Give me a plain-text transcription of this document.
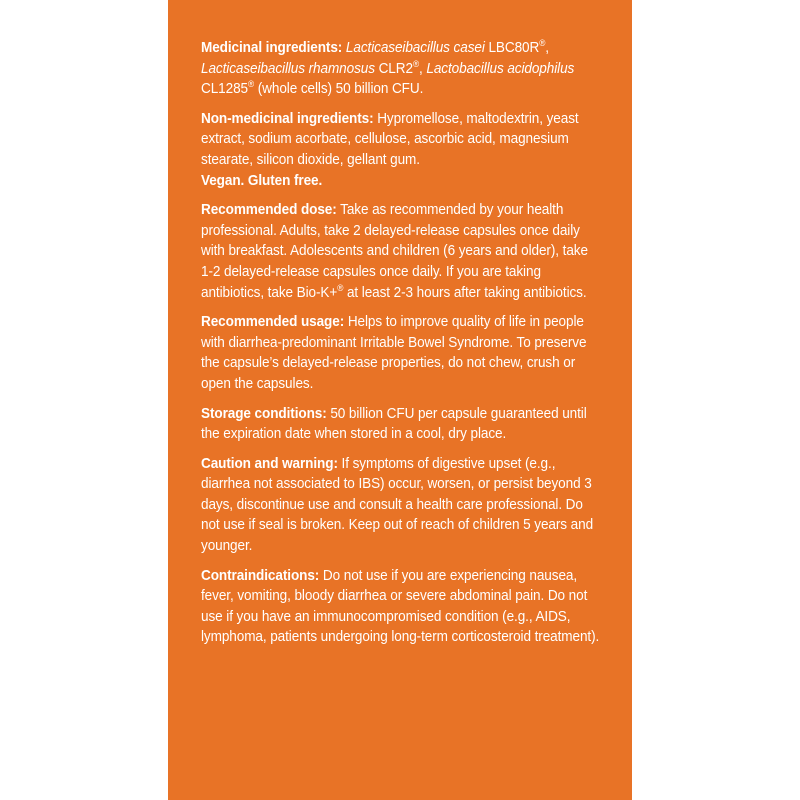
Medicinal ingredients: Lacticaseibacillus casei LBC80R®, Lacticaseibacillus rhamnosus CLR2®, Lactobacillus acidophilus CL1285® (whole cells) 50 billion CFU.

Non-medicinal ingredients: Hypromellose, maltodextrin, yeast extract, sodium acorbate, cellulose, ascorbic acid, magnesium stearate, silicon dioxide, gellant gum.

Vegan. Gluten free.

Recommended dose: Take as recommended by your health professional. Adults, take 2 delayed-release capsules once daily with breakfast. Adolescents and children (6 years and older), take 1-2 delayed-release capsules once daily. If you are taking antibiotics, take Bio-K+® at least 2-3 hours after taking antibiotics.

Recommended usage: Helps to improve quality of life in people with diarrhea-predominant Irritable Bowel Syndrome. To preserve the capsule’s delayed-release properties, do not chew, crush or open the capsules.

Storage conditions: 50 billion CFU per capsule guaranteed until the expiration date when stored in a cool, dry place.

Caution and warning: If symptoms of digestive upset (e.g., diarrhea not associated to IBS) occur, worsen, or persist beyond 3 days, discontinue use and consult a health care professional. Do not use if seal is broken. Keep out of reach of children 5 years and younger.

Contraindications: Do not use if you are experiencing nausea, fever, vomiting, bloody diarrhea or severe abdominal pain. Do not use if you have an immunocompromised condition (e.g., AIDS, lymphoma, patients undergoing long-term corticosteroid treatment).
